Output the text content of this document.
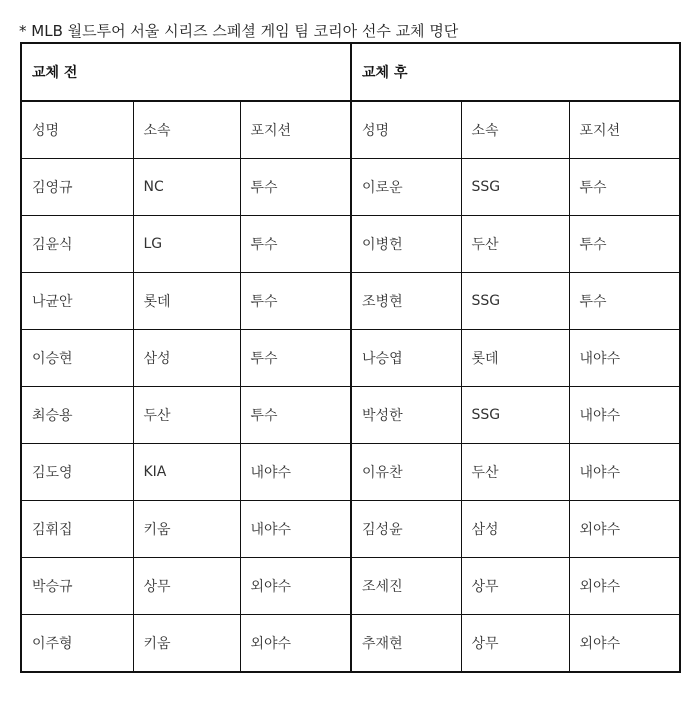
* MLB 월드투어 서울 시리즈 스페셜 게임 팀 코리아 선수 교체 명단
교체 전			교체 후		
성명	소속	포지션	성명	소속	포지션
김영규	NC	투수	이로운	SSG	투수
김윤식	LG	투수	이병헌	두산	투수
나균안	롯데	투수	조병현	SSG	투수
이승현	삼성	투수	나승엽	롯데	내야수
최승용	두산	투수	박성한	SSG	내야수
김도영	KIA	내야수	이유찬	두산	내야수
김휘집	키움	내야수	김성윤	삼성	외야수
박승규	상무	외야수	조세진	상무	외야수
이주형	키움	외야수	추재현	상무	외야수
